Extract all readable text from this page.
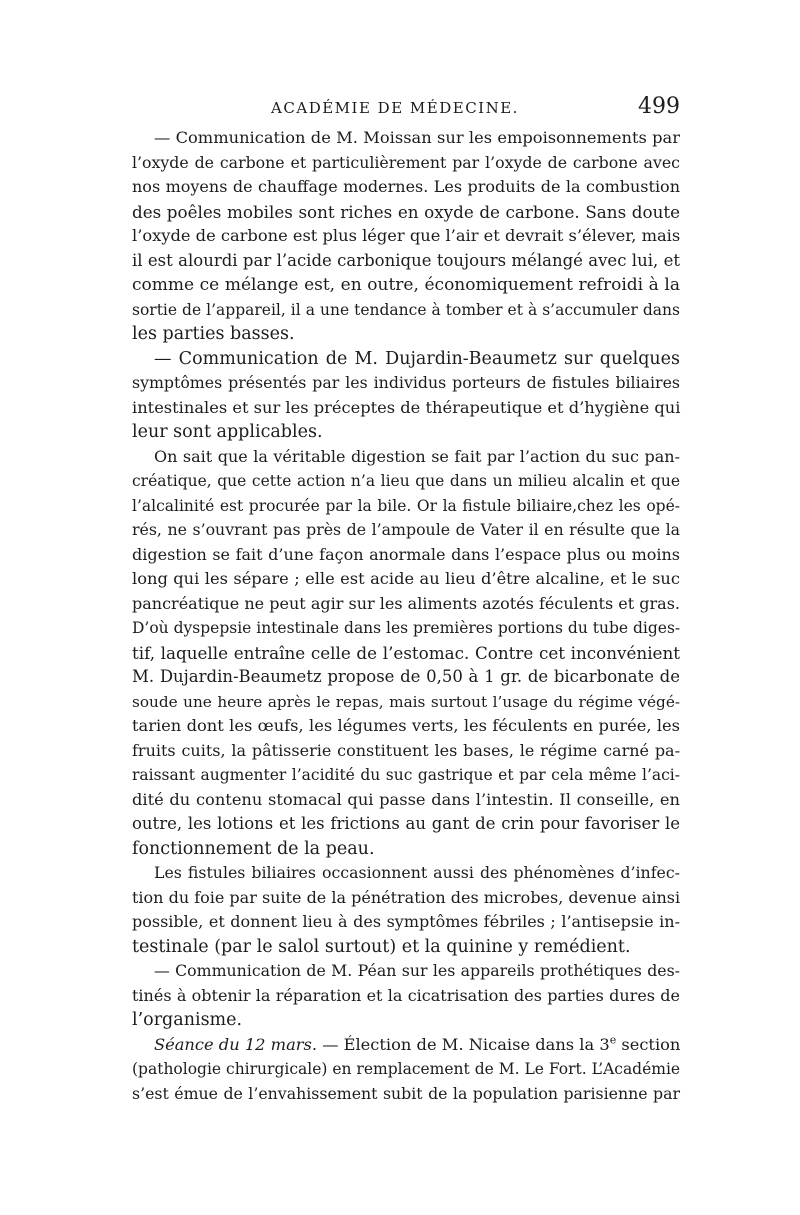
ACADÉMIE DE MÉDECINE.	499
— Communication de M. Moissan sur les empoisonnements par
l’oxyde de carbone et particulièrement par l’oxyde de carbone avec
nos moyens de chauffage modernes. Les produits de la combustion
des poêles mobiles sont riches en oxyde de carbone. Sans doute
l’oxyde de carbone est plus léger que l’air et devrait s’élever, mais
il est alourdi par l’acide carbonique toujours mélangé avec lui, et
comme ce mélange est, en outre, économiquement refroidi à la
sortie de l’appareil, il a une tendance à tomber et à s’accumuler dans
les parties basses.
— Communication de M. Dujardin-Beaumetz sur quelques
symptômes présentés par les individus porteurs de fistules biliaires
intestinales et sur les préceptes de thérapeutique et d’hygiène qui
leur sont applicables.
On sait que la véritable digestion se fait par l’action du suc pan-
créatique, que cette action n’a lieu que dans un milieu alcalin et que
l’alcalinité est procurée par la bile. Or la fistule biliaire,chez les opé-
rés, ne s’ouvrant pas près de l’ampoule de Vater il en résulte que la
digestion se fait d’une façon anormale dans l’espace plus ou moins
long qui les sépare ; elle est acide au lieu d’être alcaline, et le suc
pancréatique ne peut agir sur les aliments azotés féculents et gras.
D’où dyspepsie intestinale dans les premières portions du tube diges-
tif, laquelle entraîne celle de l’estomac. Contre cet inconvénient
M. Dujardin-Beaumetz propose de 0,50 à 1 gr. de bicarbonate de
soude une heure après le repas, mais surtout l’usage du régime végé-
tarien dont les œufs, les légumes verts, les féculents en purée, les
fruits cuits, la pâtisserie constituent les bases, le régime carné pa-
raissant augmenter l’acidité du suc gastrique et par cela même l’aci-
dité du contenu stomacal qui passe dans l’intestin. Il conseille, en
outre, les lotions et les frictions au gant de crin pour favoriser le
fonctionnement de la peau.
Les fistules biliaires occasionnent aussi des phénomènes d’infec-
tion du foie par suite de la pénétration des microbes, devenue ainsi
possible, et donnent lieu à des symptômes fébriles ; l’antisepsie in-
testinale (par le salol surtout) et la quinine y remédient.
— Communication de M. Péan sur les appareils prothétiques des-
tinés à obtenir la réparation et la cicatrisation des parties dures de
l’organisme.
Séance du 12 mars. — Élection de M. Nicaise dans la 3e section
(pathologie chirurgicale) en remplacement de M. Le Fort. L’Académie
s’est émue de l’envahissement subit de la population parisienne par
